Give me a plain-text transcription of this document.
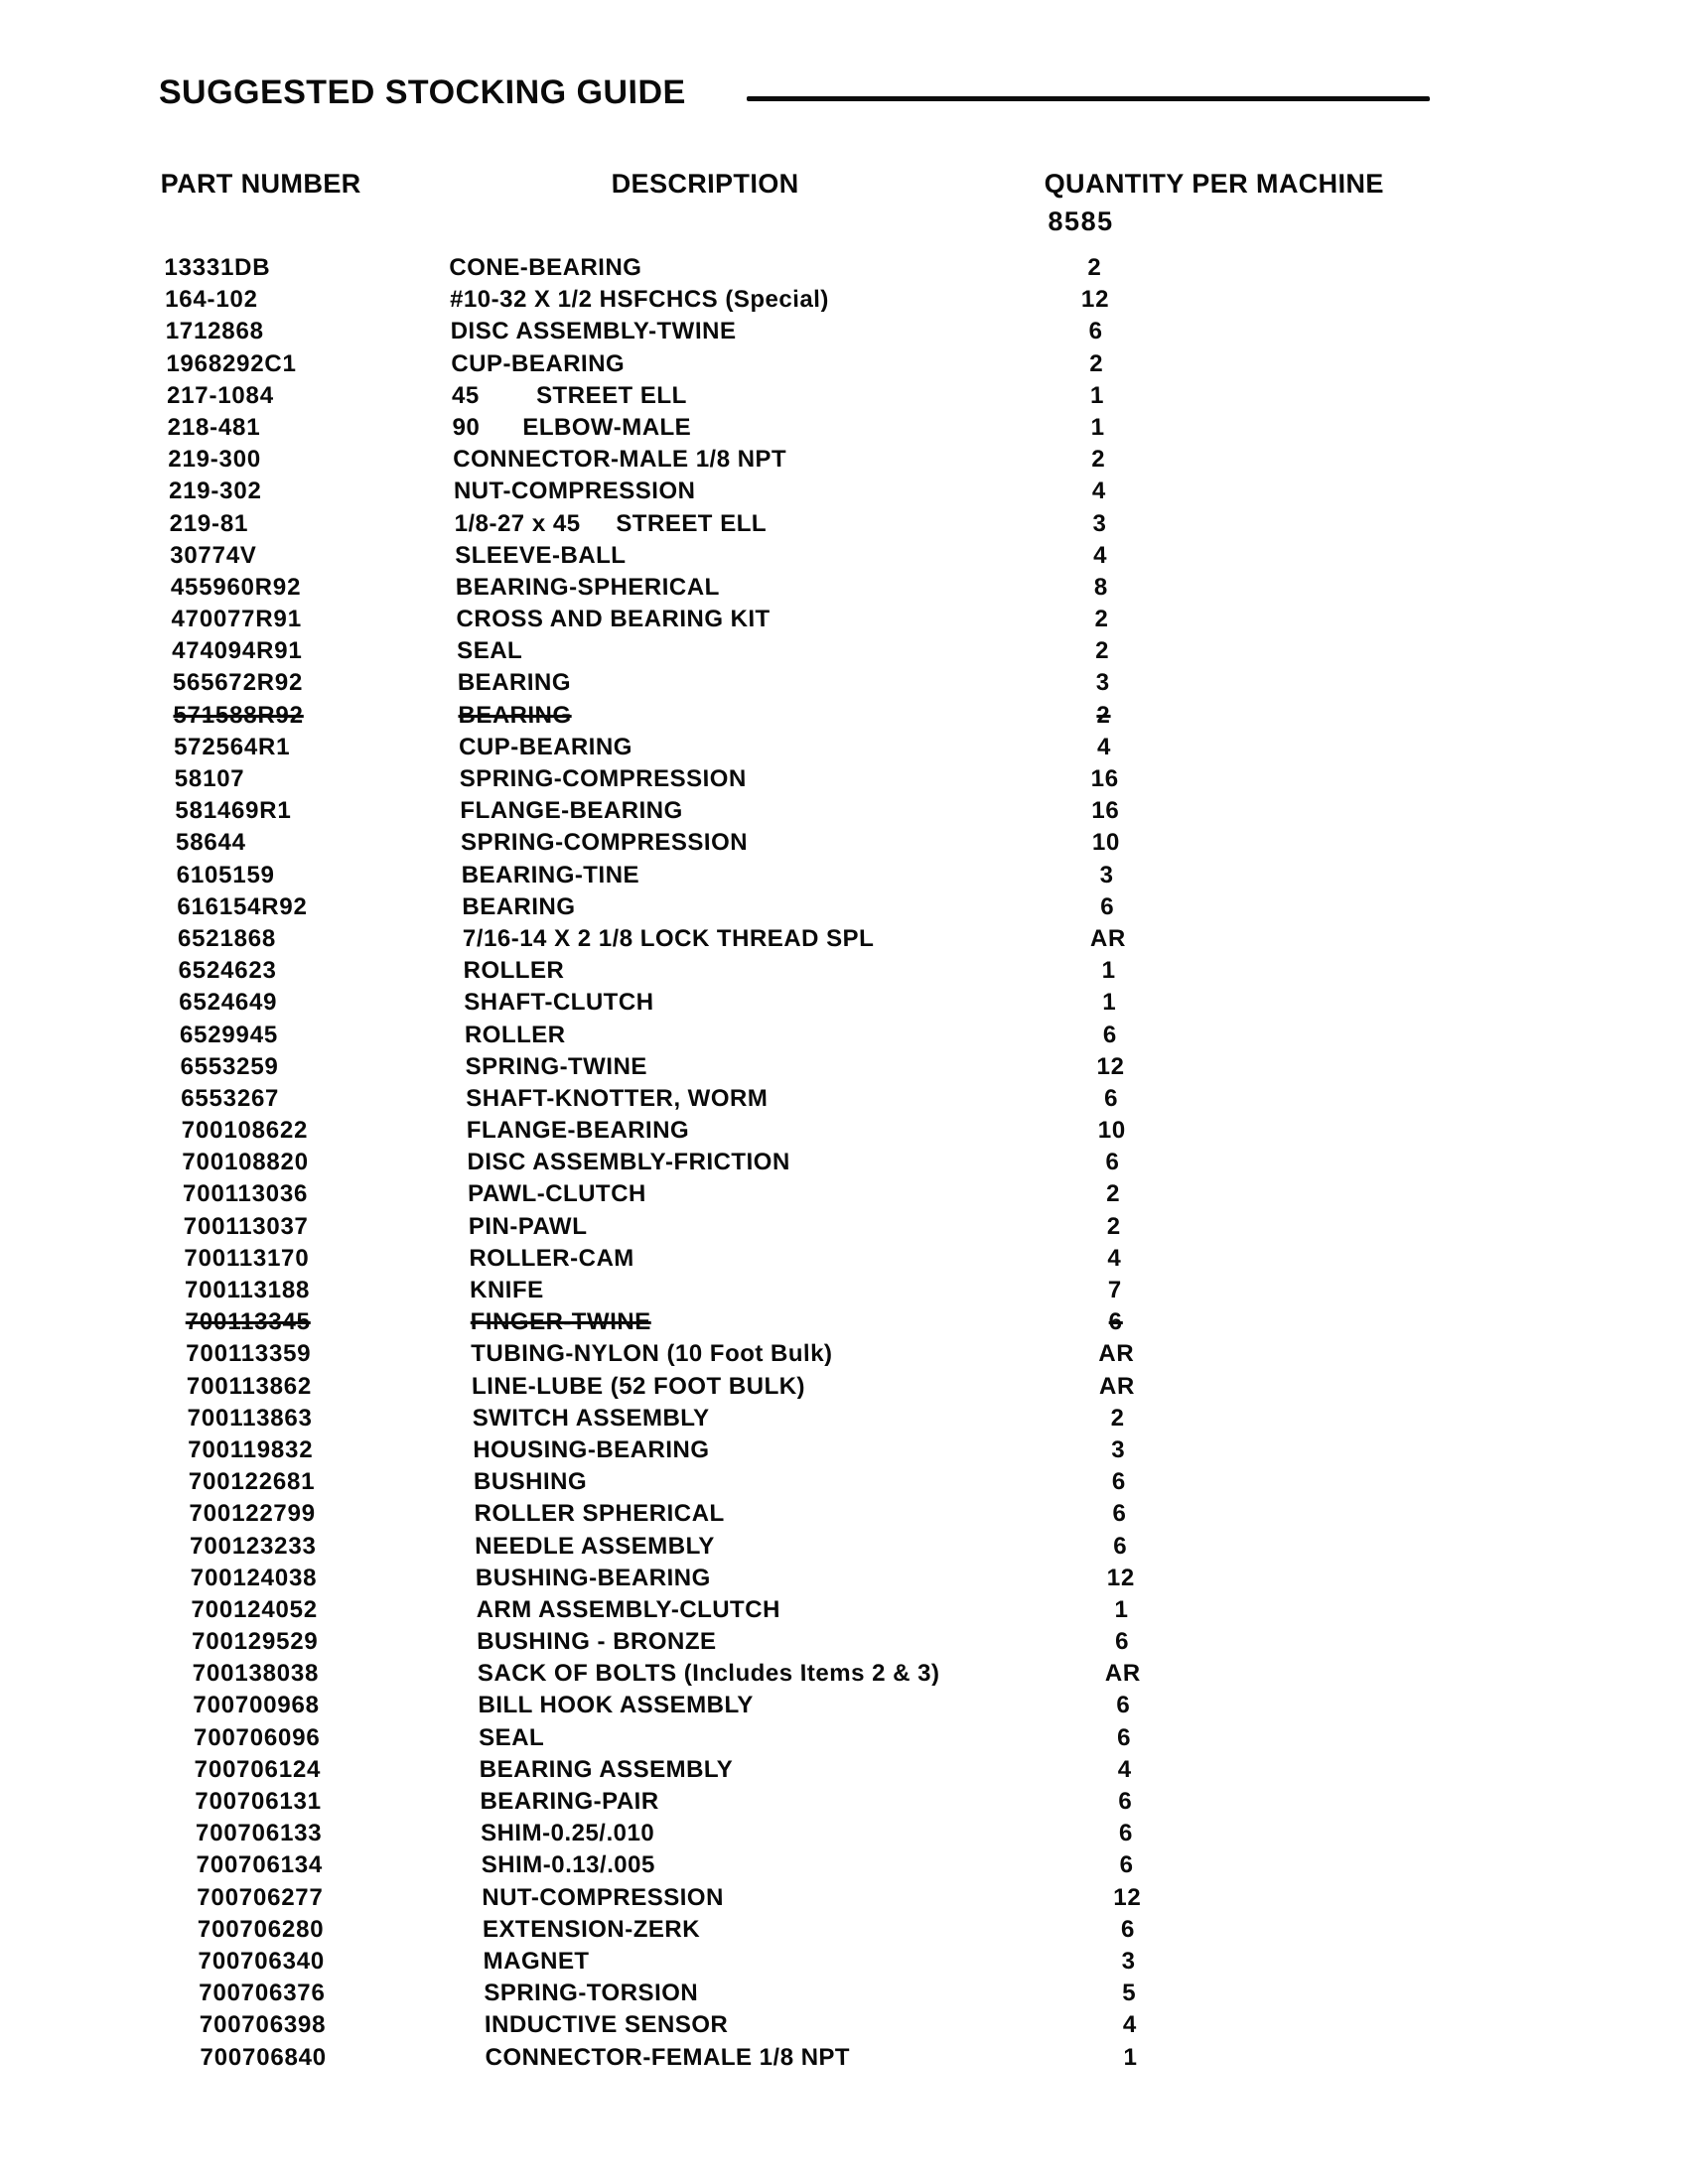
SUGGESTED STOCKING GUIDE
PART NUMBER	DESCRIPTION	QUANTITY PER MACHINE
8585
13331DB	CONE-BEARING	2
164-102	#10-32 X 1/2 HSFCHCS (Special)	12
1712868	DISC ASSEMBLY-TWINE	6
1968292C1	CUP-BEARING	2
217-1084	45        STREET ELL	1
218-481	90      ELBOW-MALE	1
219-300	CONNECTOR-MALE 1/8 NPT	2
219-302	NUT-COMPRESSION	4
219-81	1/8-27 x 45     STREET ELL	3
30774V	SLEEVE-BALL	4
455960R92	BEARING-SPHERICAL	8
470077R91	CROSS AND BEARING KIT	2
474094R91	SEAL	2
565672R92	BEARING	3
571588R92	BEARING	2
572564R1	CUP-BEARING	4
58107	SPRING-COMPRESSION	16
581469R1	FLANGE-BEARING	16
58644	SPRING-COMPRESSION	10
6105159	BEARING-TINE	3
616154R92	BEARING	6
6521868	7/16-14 X 2 1/8 LOCK THREAD SPL	AR
6524623	ROLLER	1
6524649	SHAFT-CLUTCH	1
6529945	ROLLER	6
6553259	SPRING-TWINE	12
6553267	SHAFT-KNOTTER, WORM	6
700108622	FLANGE-BEARING	10
700108820	DISC ASSEMBLY-FRICTION	6
700113036	PAWL-CLUTCH	2
700113037	PIN-PAWL	2
700113170	ROLLER-CAM	4
700113188	KNIFE	7
700113345	FINGER-TWINE	6
700113359	TUBING-NYLON (10 Foot Bulk)	AR
700113862	LINE-LUBE (52 FOOT BULK)	AR
700113863	SWITCH ASSEMBLY	2
700119832	HOUSING-BEARING	3
700122681	BUSHING	6
700122799	ROLLER SPHERICAL	6
700123233	NEEDLE ASSEMBLY	6
700124038	BUSHING-BEARING	12
700124052	ARM ASSEMBLY-CLUTCH	1
700129529	BUSHING - BRONZE	6
700138038	SACK OF BOLTS (Includes Items 2 & 3)	AR
700700968	BILL HOOK ASSEMBLY	6
700706096	SEAL	6
700706124	BEARING ASSEMBLY	4
700706131	BEARING-PAIR	6
700706133	SHIM-0.25/.010	6
700706134	SHIM-0.13/.005	6
700706277	NUT-COMPRESSION	12
700706280	EXTENSION-ZERK	6
700706340	MAGNET	3
700706376	SPRING-TORSION	5
700706398	INDUCTIVE SENSOR	4
700706840	CONNECTOR-FEMALE 1/8 NPT	1
